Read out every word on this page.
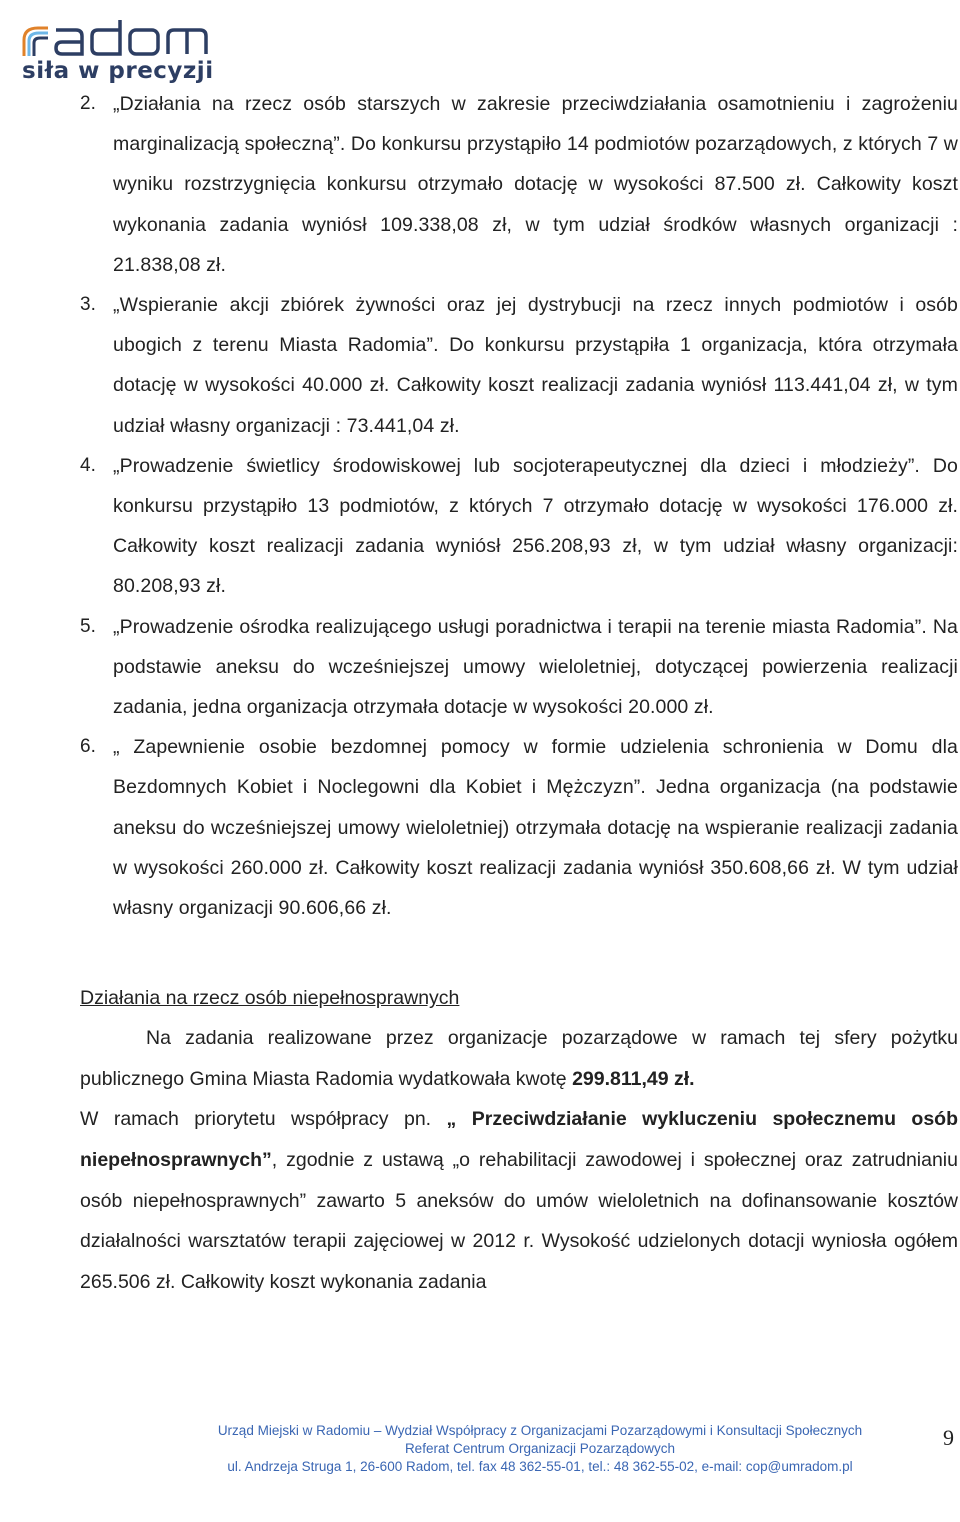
siła w precyzji
2. „Działania na rzecz osób starszych w zakresie przeciwdziałania osamotnieniu i zagrożeniu marginalizacją społeczną”. Do konkursu przystąpiło 14 podmiotów pozarządowych, z których 7 w wyniku rozstrzygnięcia konkursu otrzymało dotację w wysokości 87.500 zł. Całkowity koszt wykonania zadania wyniósł 109.338,08 zł, w tym udział środków własnych organizacji : 21.838,08 zł.

3. „Wspieranie akcji zbiórek żywności oraz jej dystrybucji na rzecz innych podmiotów i osób ubogich z terenu Miasta Radomia”. Do konkursu przystąpiła 1 organizacja, która otrzymała dotację w wysokości 40.000 zł. Całkowity koszt realizacji zadania wyniósł 113.441,04 zł, w tym udział własny organizacji : 73.441,04 zł.

4. „Prowadzenie świetlicy środowiskowej lub socjoterapeutycznej dla dzieci i młodzieży”. Do konkursu przystąpiło 13 podmiotów, z których 7 otrzymało dotację w wysokości 176.000 zł. Całkowity koszt realizacji zadania wyniósł 256.208,93 zł, w tym udział własny organizacji: 80.208,93 zł.

5. „Prowadzenie ośrodka realizującego usługi poradnictwa i terapii na terenie miasta Radomia”. Na podstawie aneksu do wcześniejszej umowy wieloletniej, dotyczącej powierzenia realizacji zadania, jedna organizacja otrzymała dotacje w wysokości 20.000 zł.

6. „ Zapewnienie osobie bezdomnej pomocy w formie udzielenia schronienia w Domu dla Bezdomnych Kobiet i Noclegowni dla Kobiet i Mężczyzn”. Jedna organizacja (na podstawie aneksu do wcześniejszej umowy wieloletniej) otrzymała dotację na wspieranie realizacji zadania w wysokości 260.000 zł. Całkowity koszt realizacji zadania wyniósł 350.608,66 zł. W tym udział własny organizacji 90.606,66 zł.

Działania na rzecz osób niepełnosprawnych

Na zadania realizowane przez organizacje pozarządowe w ramach tej sfery pożytku publicznego Gmina Miasta Radomia wydatkowała kwotę 299.811,49 zł.

W ramach priorytetu współpracy pn. „ Przeciwdziałanie wykluczeniu społecznemu osób niepełnosprawnych”, zgodnie z ustawą „o rehabilitacji zawodowej i społecznej oraz zatrudnianiu osób niepełnosprawnych” zawarto 5 aneksów do umów wieloletnich na dofinansowanie kosztów działalności warsztatów terapii zajęciowej w 2012 r. Wysokość udzielonych dotacji wyniosła ogółem 265.506 zł. Całkowity koszt wykonania zadania

Urząd Miejski w Radomiu – Wydział Współpracy z Organizacjami Pozarządowymi i Konsultacji Społecznych
Referat Centrum Organizacji Pozarządowych
ul. Andrzeja Struga 1, 26-600 Radom, tel. fax 48 362-55-01, tel.: 48 362-55-02, e-mail: cop@umradom.pl
9
